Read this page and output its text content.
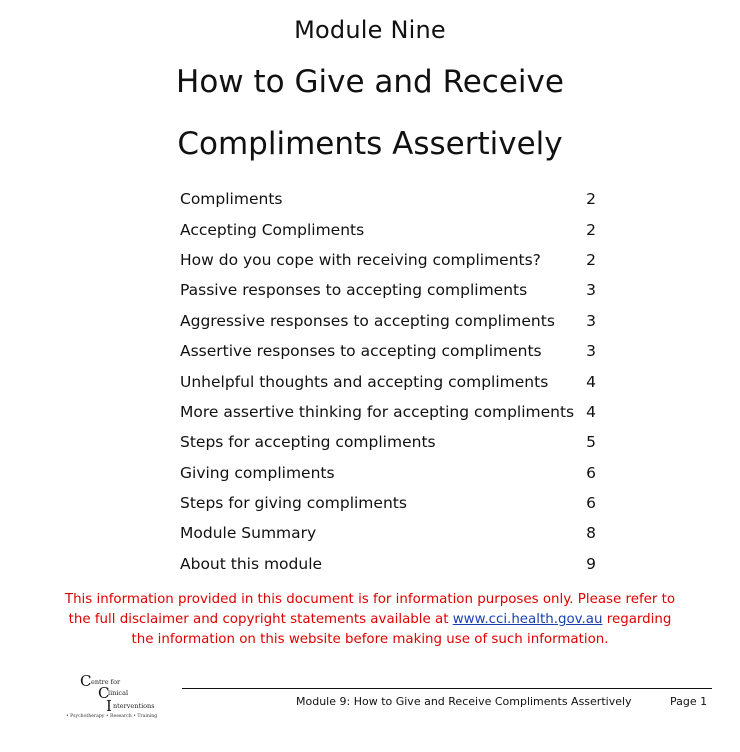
Module Nine
How to Give and Receive
Compliments Assertively
Compliments	2
Accepting Compliments	2
How do you cope with receiving compliments?	2
Passive responses to accepting compliments	3
Aggressive responses to accepting compliments	3
Assertive responses to accepting compliments	3
Unhelpful thoughts and accepting compliments	4
More assertive thinking for accepting compliments 4
Steps for accepting compliments	5
Giving compliments	6
Steps for giving compliments	6
Module Summary	8
About this module	9
This information provided in this document is for information purposes only. Please refer to the full disclaimer and copyright statements available at www.cci.health.gov.au regarding the information on this website before making use of such information.
C entre for
C
linical
I nterventions
• Psychotherapy • Research • Training
Module 9: How to Give and Receive Compliments Assertively	Page 1
